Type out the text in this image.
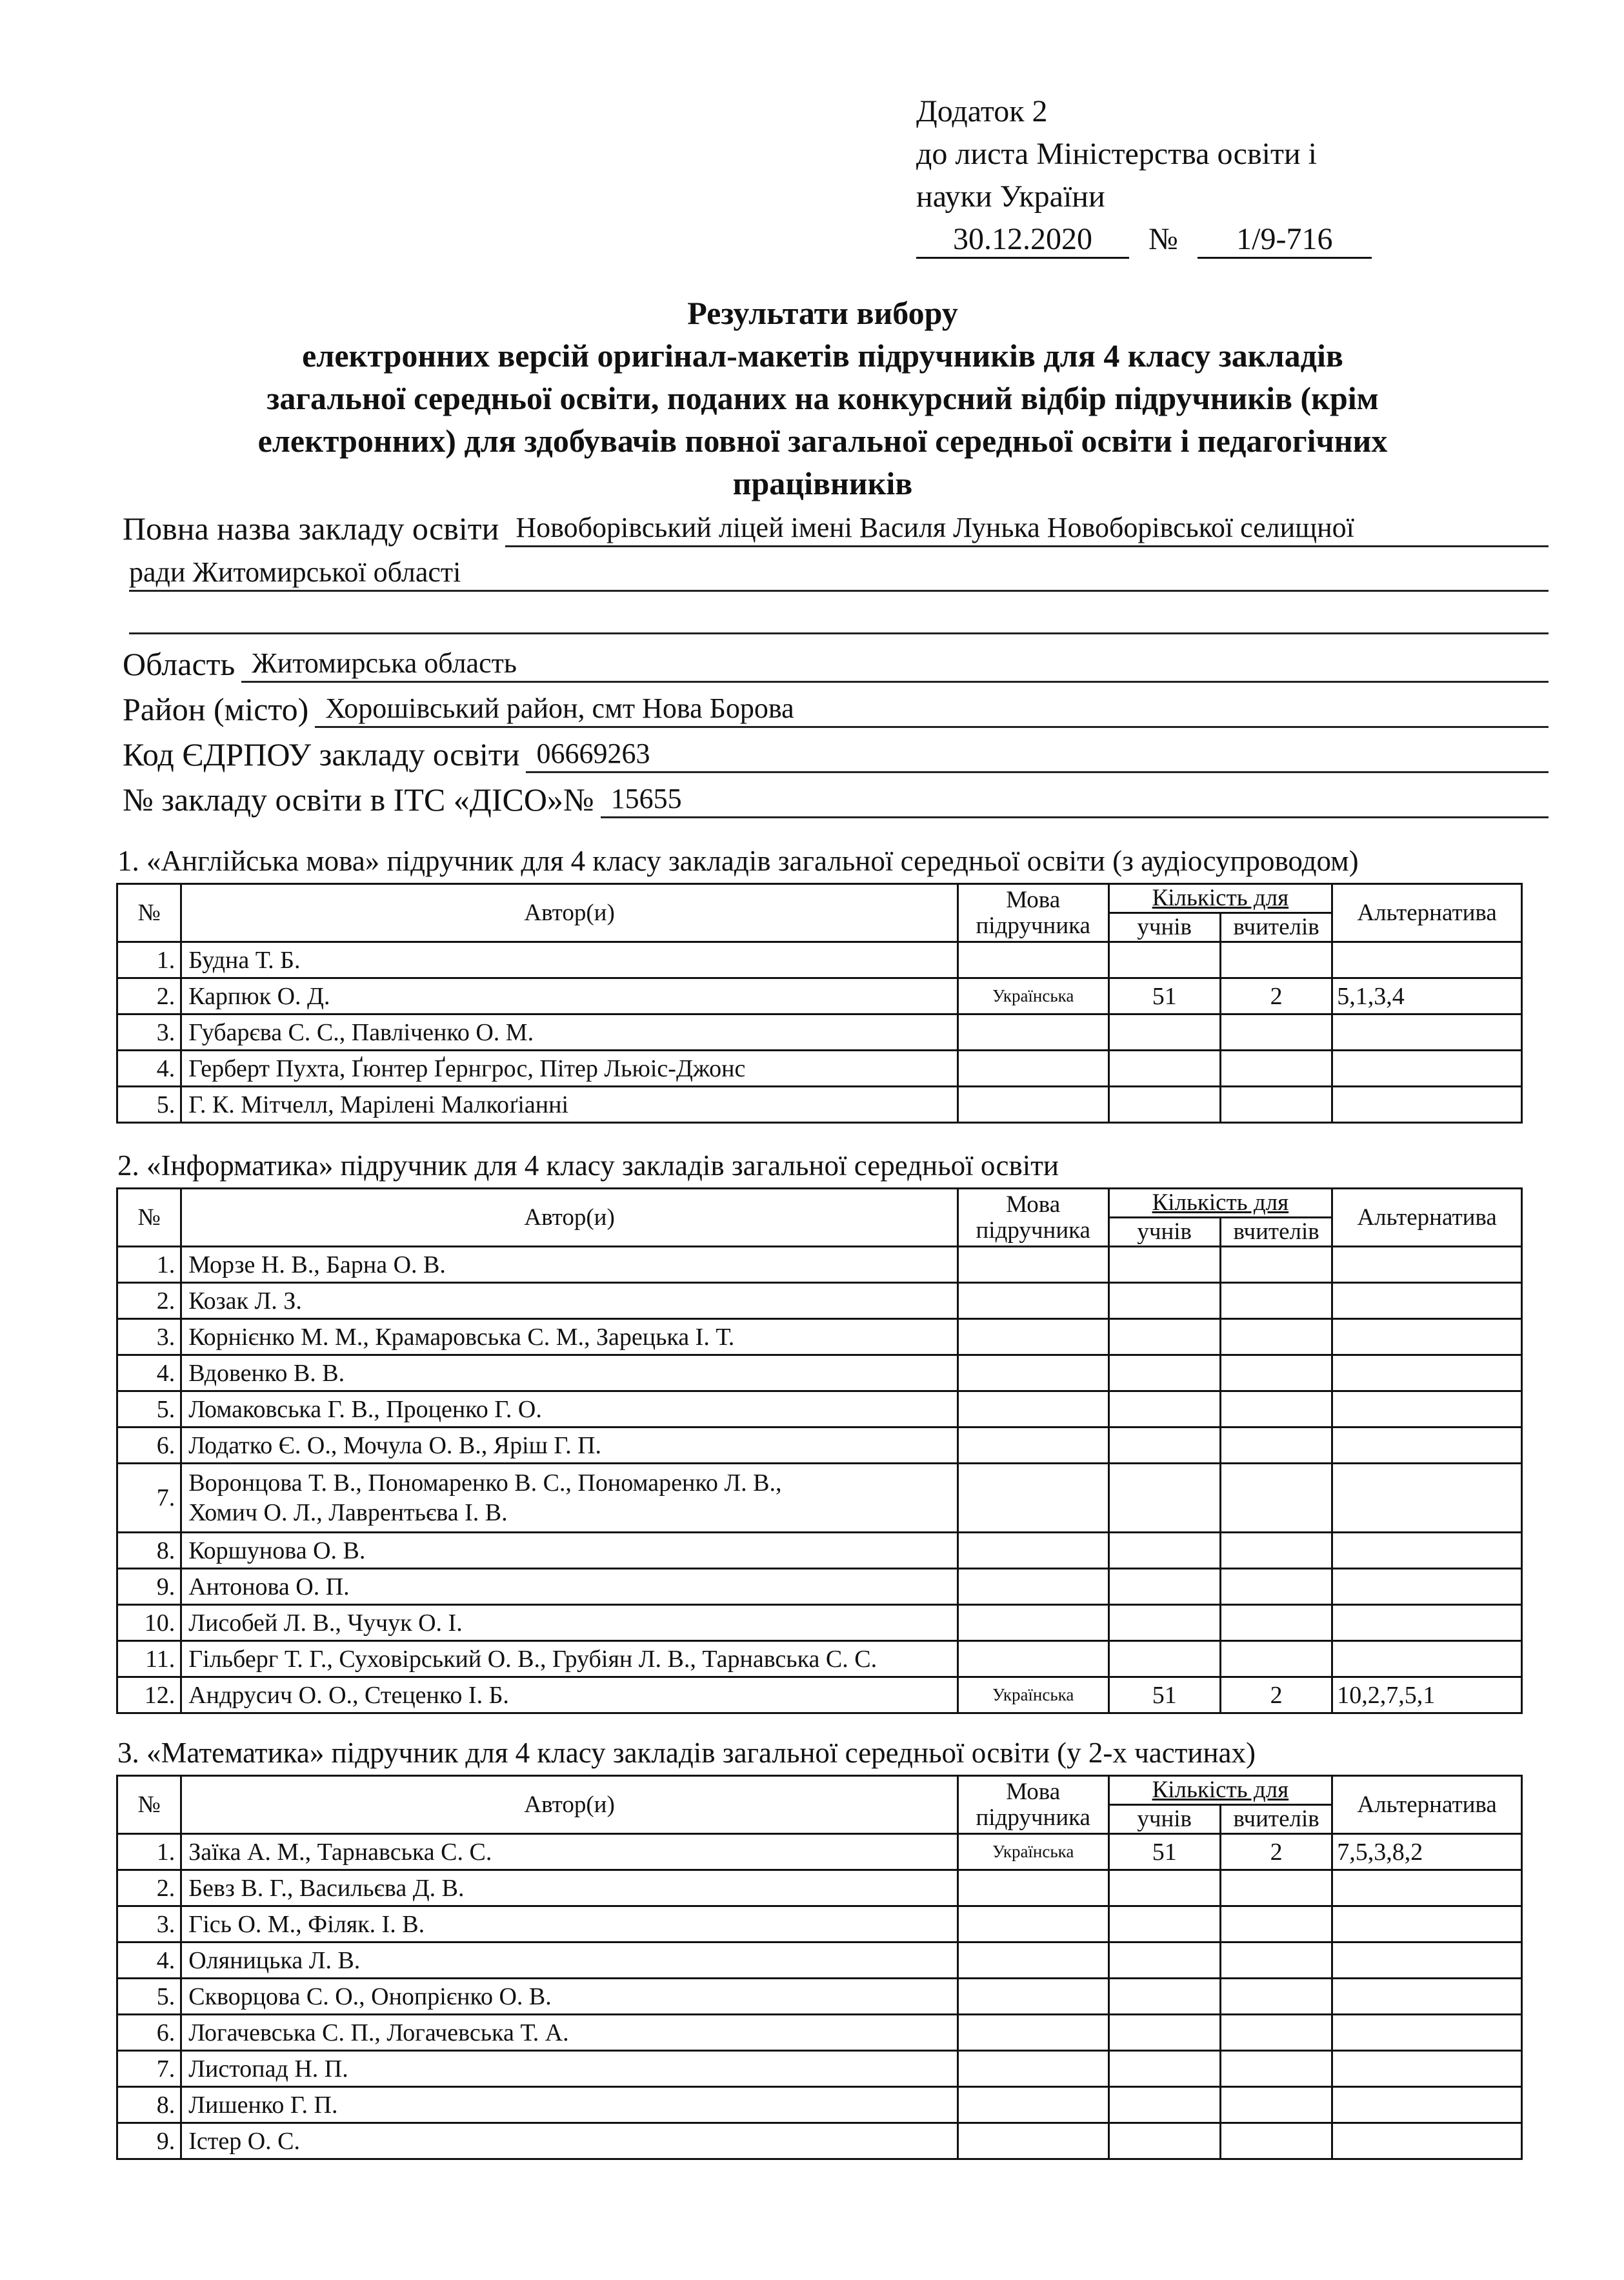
Додаток 2
до листа Міністерства освіти і
науки України
30.12.2020 № 1/9-716
Результати вибору
електронних версій оригінал-макетів підручників для 4 класу закладів
загальної середньої освіти, поданих на конкурсний відбір підручників (крім
електронних) для здобувачів повної загальної середньої освіти і педагогічних
працівників
Повна назва закладу освіти Новоборівський ліцей імені Василя Лунька Новоборівської селищної
ради Житомирської області
Область Житомирська область
Район (місто) Хорошівський район, смт Нова Борова
Код ЄДРПОУ закладу освіти 06669263
№ закладу освіти в ІТС «ДІСО»№ 15655
1. «Англійська мова» підручник для 4 класу закладів загальної середньої освіти (з аудіосупроводом)
2. «Інформатика» підручник для 4 класу закладів загальної середньої освіти
3. «Математика» підручник для 4 класу закладів загальної середньої освіти (у 2-х частинах)
№	Автор(и)	Мова
підручника	Кількість для		Альтернатива
			учнів	вчителів	
1.	Будна Т. Б.				

2.	Карпюк О. Д.	Українська	51	2	5,1,3,4
3.	Губарєва С. С., Павліченко О. М.				

4.	Герберт Пухта, Ґюнтер Ґернгрос, Пітер Льюіс-Джонс				

5.	Г. К. Мітчелл, Марілені Малкоґіанні				

№	Автор(и)	Мова
підручника	Кількість для		Альтернатива
			учнів	вчителів	
1.	Морзе Н. В., Барна О. В.				

2.	Козак Л. З.				

3.	Корнієнко М. М., Крамаровська С. М., Зарецька І. Т.				

4.	Вдовенко В. В.				

5.	Ломаковська Г. В., Проценко Г. О.				

6.	Лодатко Є. О., Мочула О. В., Яріш Г. П.				

7.	Воронцова Т. В., Пономаренко В. С., Пономаренко Л. В.,
Хомич О. Л., Лаврентьєва І. В.				

8.	Коршунова О. В.				

9.	Антонова О. П.				

10.	Лисобей Л. В., Чучук О. І.				

11.	Гільберг Т. Г., Суховірський О. В., Грубіян Л. В., Тарнавська С. С.				

12.	Андрусич О. О., Стеценко І. Б.	Українська	51	2	10,2,7,5,1
№	Автор(и)	Мова
підручника	Кількість для		Альтернатива
			учнів	вчителів	
1.	Заїка А. М., Тарнавська С. С.	Українська	51	2	7,5,3,8,2
2.	Бевз В. Г., Васильєва Д. В.				

3.	Гісь О. М., Філяк. І. В.				

4.	Оляницька Л. В.				

5.	Скворцова С. О., Онопрієнко О. В.				

6.	Логачевська С. П., Логачевська Т. А.				

7.	Листопад Н. П.				

8.	Лишенко Г. П.				

9.	Істер О. С.				
